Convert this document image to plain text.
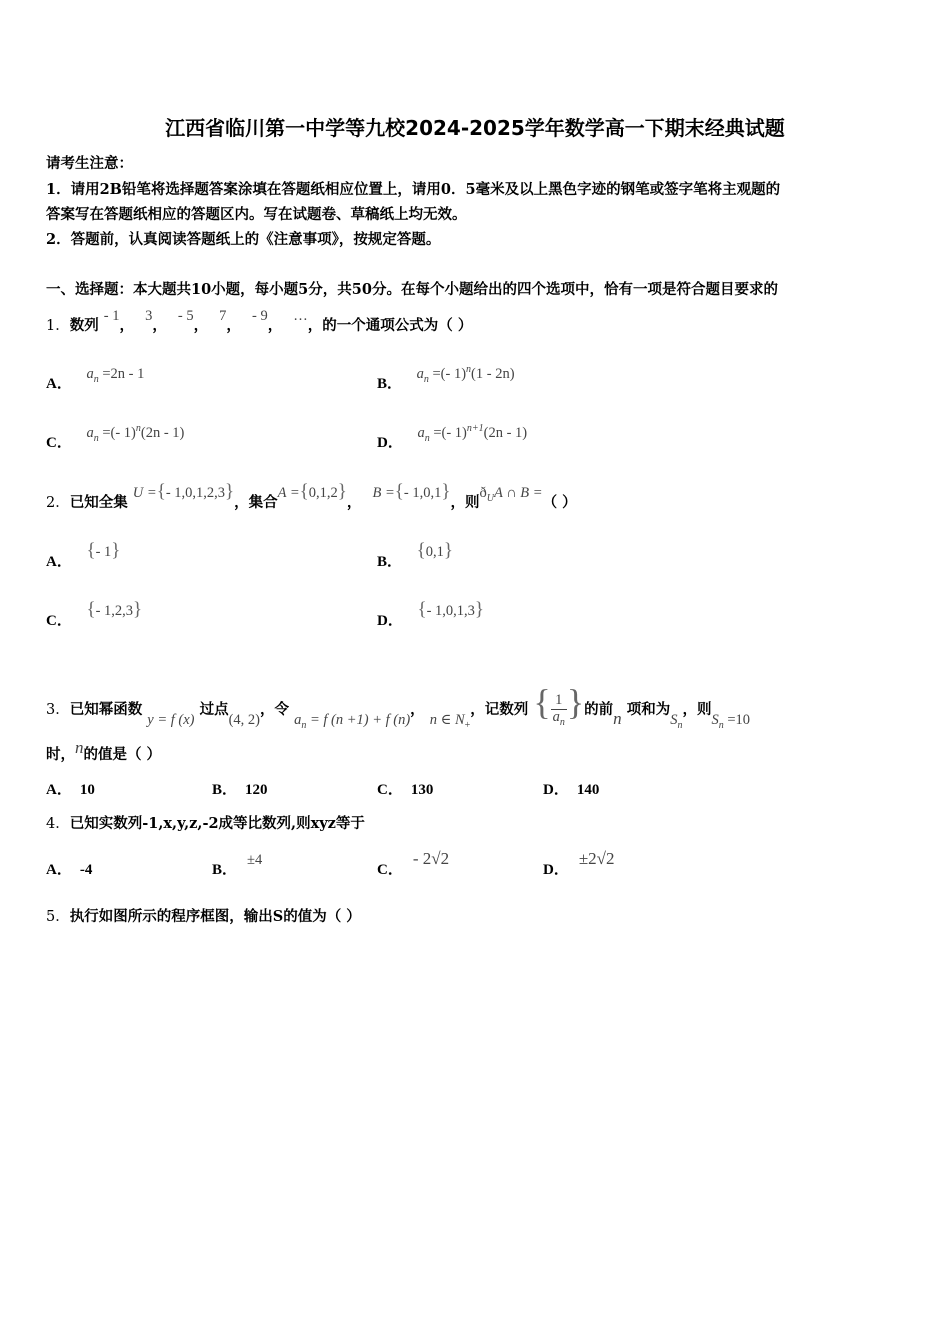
江西省临川第一中学等九校2024-2025学年数学高一下期末经典试题
请考生注意：
1．请用2B铅笔将选择题答案涂填在答题纸相应位置上，请用0．5毫米及以上黑色字迹的钢笔或签字笔将主观题的
答案写在答题纸相应的答题区内。写在试题卷、草稿纸上均无效。
2．答题前，认真阅读答题纸上的《注意事项》，按规定答题。
一、选择题：本大题共10小题，每小题5分，共50分。在每个小题给出的四个选项中，恰有一项是符合题目要求的
1．数列 - 1， 3， - 5， 7， - 9， …，的一个通项公式为（ ）
A． $a_n =2n - 1$
B． $a_n$ =(- 1)$^n$(1 - 2n)
C． $a_n$ =(- 1)$^n$(2n - 1)
D． $a_n$ =(- 1)$^{n+1}$(2n - 1)
2．已知全集 U ={- 1,0,1,2,3}，集合A ={0,1,2}， B ={- 1,0,1}，则$ð_UA$ ∩ B =（ ）
A． {- 1}
B． {0,1}
C． {- 1,2,3}
D． {- 1,0,1,3}
3．已知幂函数 y = f (x) 过点(4, 2)，令 $a_n = f$ (n +1) + f (n)， n ∈ $N_+$，记数列 { $\frac{1}{a_n}$ }的前n 项和为$S_n$，则$S_n =10$
时，n的值是（ ）
A． 10	B． 120	C． 130	D． 140
4．已知实数列-1,x,y,z,-2成等比数列,则xyz等于
A． -4	B．±4
C．- 2√2
D．±2√2
5．执行如图所示的程序框图，输出S的值为（ ）
